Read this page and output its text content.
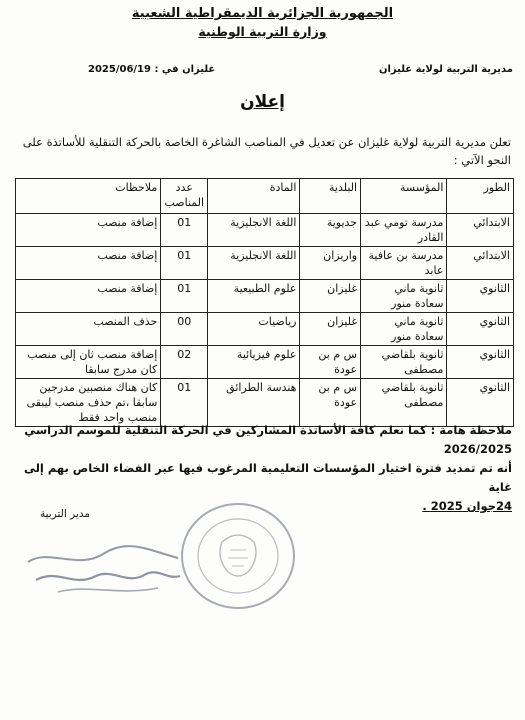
الجمهورية الجزائرية الديمقراطية الشعبية
وزارة التربية الوطنية
مديرية التربية لولاية غليزان
غليزان في : 2025/06/19
إعلان
تعلن مديرية التربية لولاية غليزان عن تعديل في المناصب الشاغرة الخاصة بالحركة التنقلية للأساتذة على النحو الآتي :
الطور	المؤسسة	البلدية	المادة	عدد المناصب	ملاحظات
الابتدائي	مدرسة تومي عبد القادر	جديوية	اللغة الانجليزية	01	إضافة منصب
الابتدائي	مدرسة بن عافية عابد	واريزان	اللغة الانجليزية	01	إضافة منصب
الثانوي	ثانوية ماني سعادة منور	غليزان	علوم الطبيعية	01	إضافة منصب
الثانوي	ثانوية ماني سعادة منور	غليزان	رياضيات	00	حذف المنصب
الثانوي	ثانوية بلقاضي مصطفى	س م بن عودة	علوم فيزيائية	02	إضافة منصب ثان إلى منصب كان مدرج سابقا
الثانوي	ثانوية بلقاضي مصطفى	س م بن عودة	هندسة الطرائق	01	كان هناك منصبين مدرجين سابقا ،تم حذف منصب ليبقى منصب واحد فقط
ملاحظة هامة : كما نعلم كافة الأساتذة المشاركين في الحركة التنقلية للموسم الدراسي 2026/2025
أنه تم تمديد فترة اختيار المؤسسات التعليمية المرغوب فيها عبر الفضاء الخاص بهم إلى غاية
24جوان 2025 .
مدير التربية
